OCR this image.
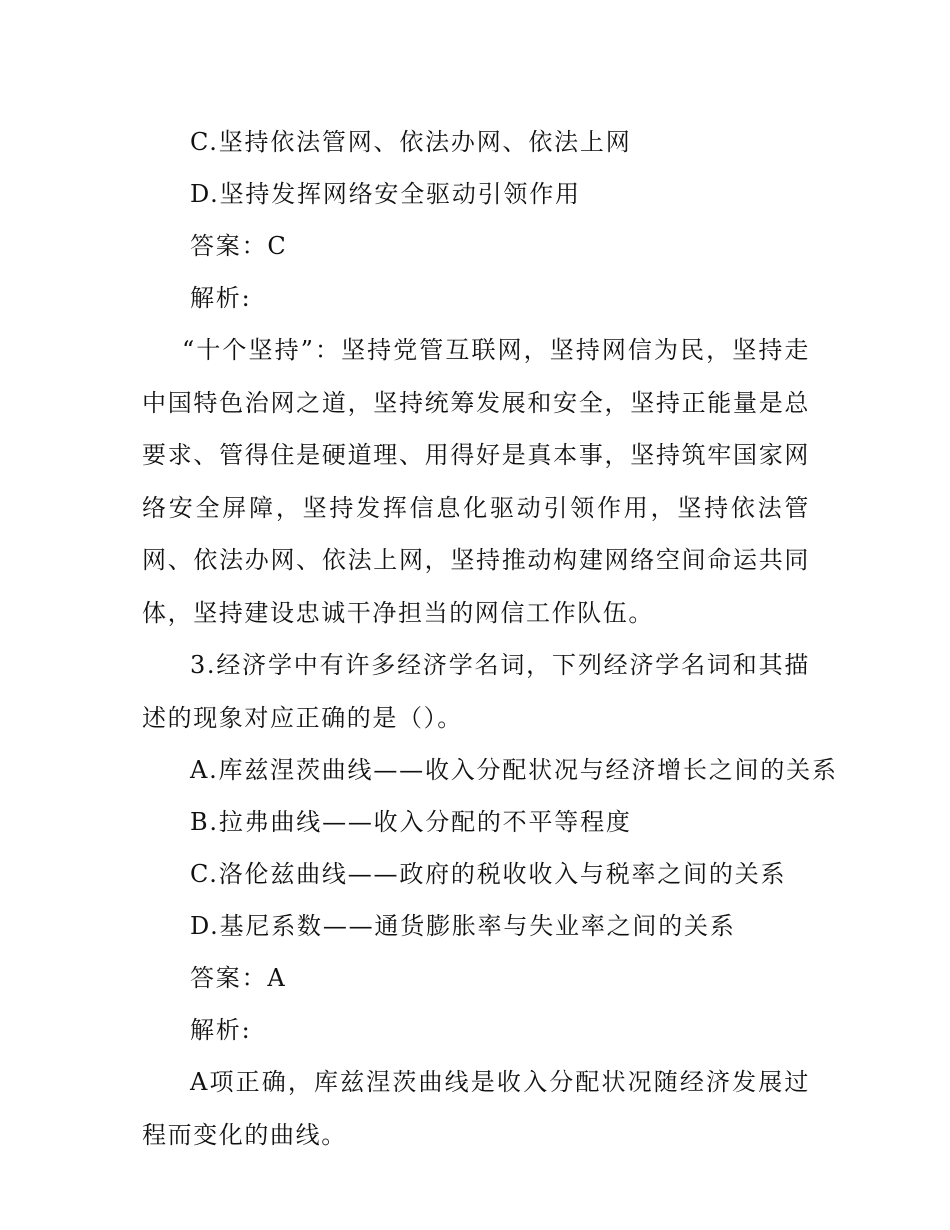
C.坚持依法管网、依法办网、依法上网

D.坚持发挥网络安全驱动引领作用

答案：C

解析:

“十个坚持”：坚持党管互联网，坚持网信为民，坚持走中国特色治网之道，坚持统筹发展和安全，坚持正能量是总要求、管得住是硬道理、用得好是真本事，坚持筑牢国家网络安全屏障，坚持发挥信息化驱动引领作用，坚持依法管网、依法办网、依法上网，坚持推动构建网络空间命运共同体，坚持建设忠诚干净担当的网信工作队伍。

3.经济学中有许多经济学名词，下列经济学名词和其描述的现象对应正确的是（）。

A.库兹涅茨曲线——收入分配状况与经济增长之间的关系

B.拉弗曲线——收入分配的不平等程度

C.洛伦兹曲线——政府的税收收入与税率之间的关系

D.基尼系数——通货膨胀率与失业率之间的关系

答案：A

解析:

A项正确，库兹涅茨曲线是收入分配状况随经济发展过程而变化的曲线。
